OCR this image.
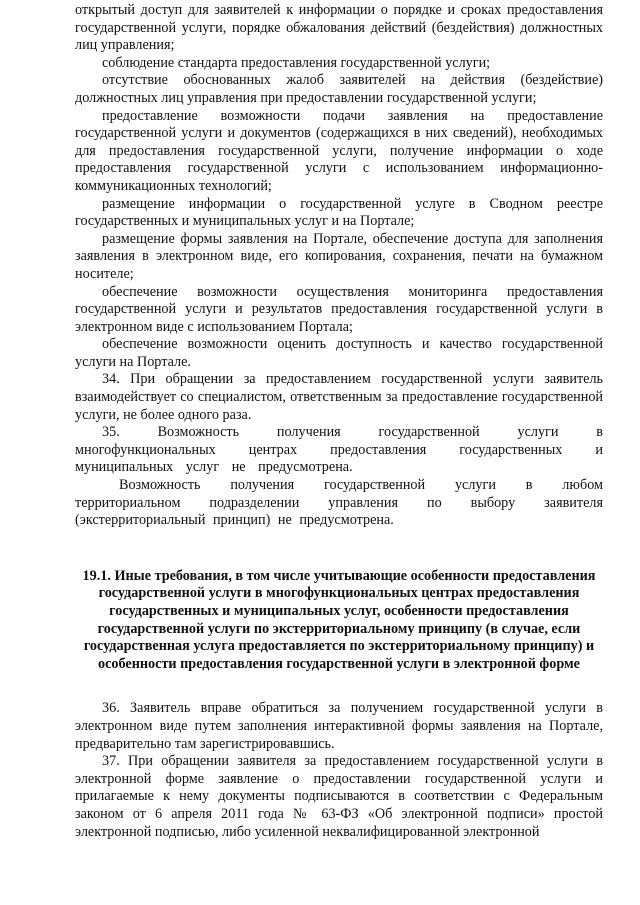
открытый доступ для заявителей к информации о порядке и сроках предоставления государственной услуги, порядке обжалования действий (бездействия) должностных лиц управления;

соблюдение стандарта предоставления государственной услуги;

отсутствие обоснованных жалоб заявителей на действия (бездействие) должностных лиц управления при предоставлении государственной услуги;

предоставление возможности подачи заявления на предоставление государственной услуги и документов (содержащихся в них сведений), необходимых для предоставления государственной услуги, получение информации о ходе предоставления государственной услуги с использованием информационно-коммуникационных технологий;

размещение информации о государственной услуге в Сводном реестре государственных и муниципальных услуг и на Портале;

размещение формы заявления на Портале, обеспечение доступа для заполнения заявления в электронном виде, его копирования, сохранения, печати на бумажном носителе;

обеспечение возможности осуществления мониторинга предоставления государственной услуги и результатов предоставления государственной услуги в электронном виде с использованием Портала;

обеспечение возможности оценить доступность и качество государственной услуги на Портале.

34. При обращении за предоставлением государственной услуги заявитель взаимодействует со специалистом, ответственным за предоставление государственной услуги, не более одного раза.

35. Возможность получения государственной услуги в многофункциональных центрах предоставления государственных и муниципальных услуг не предусмотрена.

Возможность получения государственной услуги в любом территориальном подразделении управления по выбору заявителя (экстерриториальный принцип) не предусмотрена.

19.1. Иные требования, в том числе учитывающие особенности предоставления государственной услуги в многофункциональных центрах предоставления государственных и муниципальных услуг, особенности предоставления государственной услуги по экстерриториальному принципу (в случае, если государственная услуга предоставляется по экстерриториальному принципу) и особенности предоставления государственной услуги в электронной форме

36. Заявитель вправе обратиться за получением государственной услуги в электронном виде путем заполнения интерактивной формы заявления на Портале, предварительно там зарегистрировавшись.

37. При обращении заявителя за предоставлением государственной услуги в электронной форме заявление о предоставлении государственной услуги и прилагаемые к нему документы подписываются в соответствии с Федеральным законом от 6 апреля 2011 года № 63-ФЗ «Об электронной подписи» простой электронной подписью, либо усиленной неквалифицированной электронной
